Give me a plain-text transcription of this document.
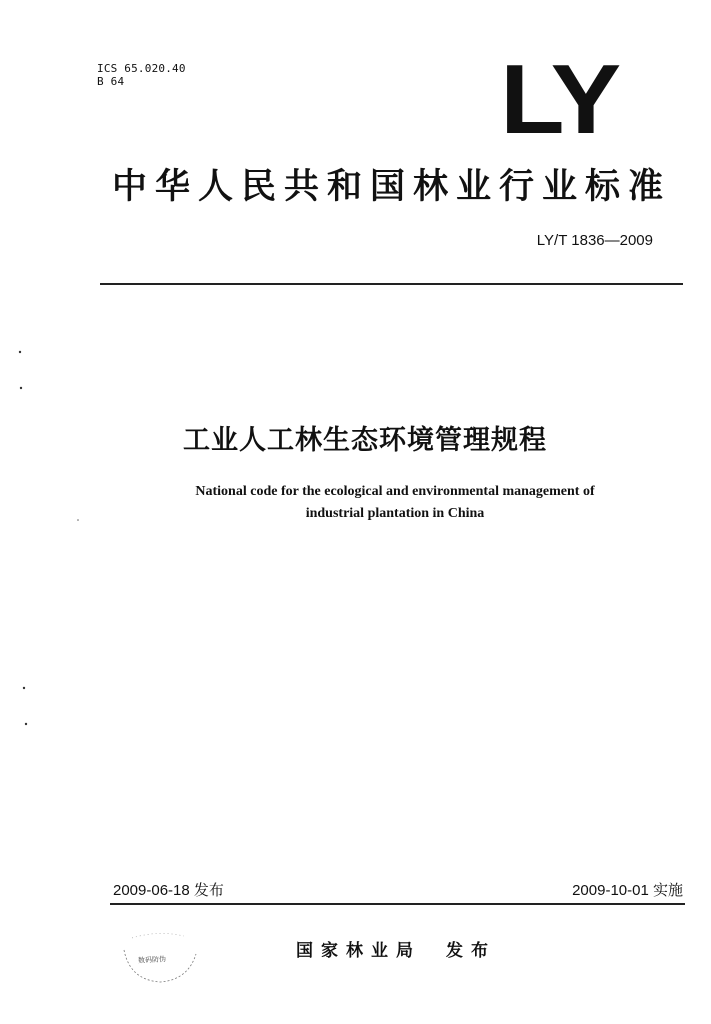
ICS 65.020.40
B 64	LY
中华人民共和国林业行业标准
LY/T 1836—2009
工业人工林生态环境管理规程
National code for the ecological and environmental management of
industrial plantation in China
2009-06-18 发布	2009-10-01 实施
数码防伪	国家林业局　发布
